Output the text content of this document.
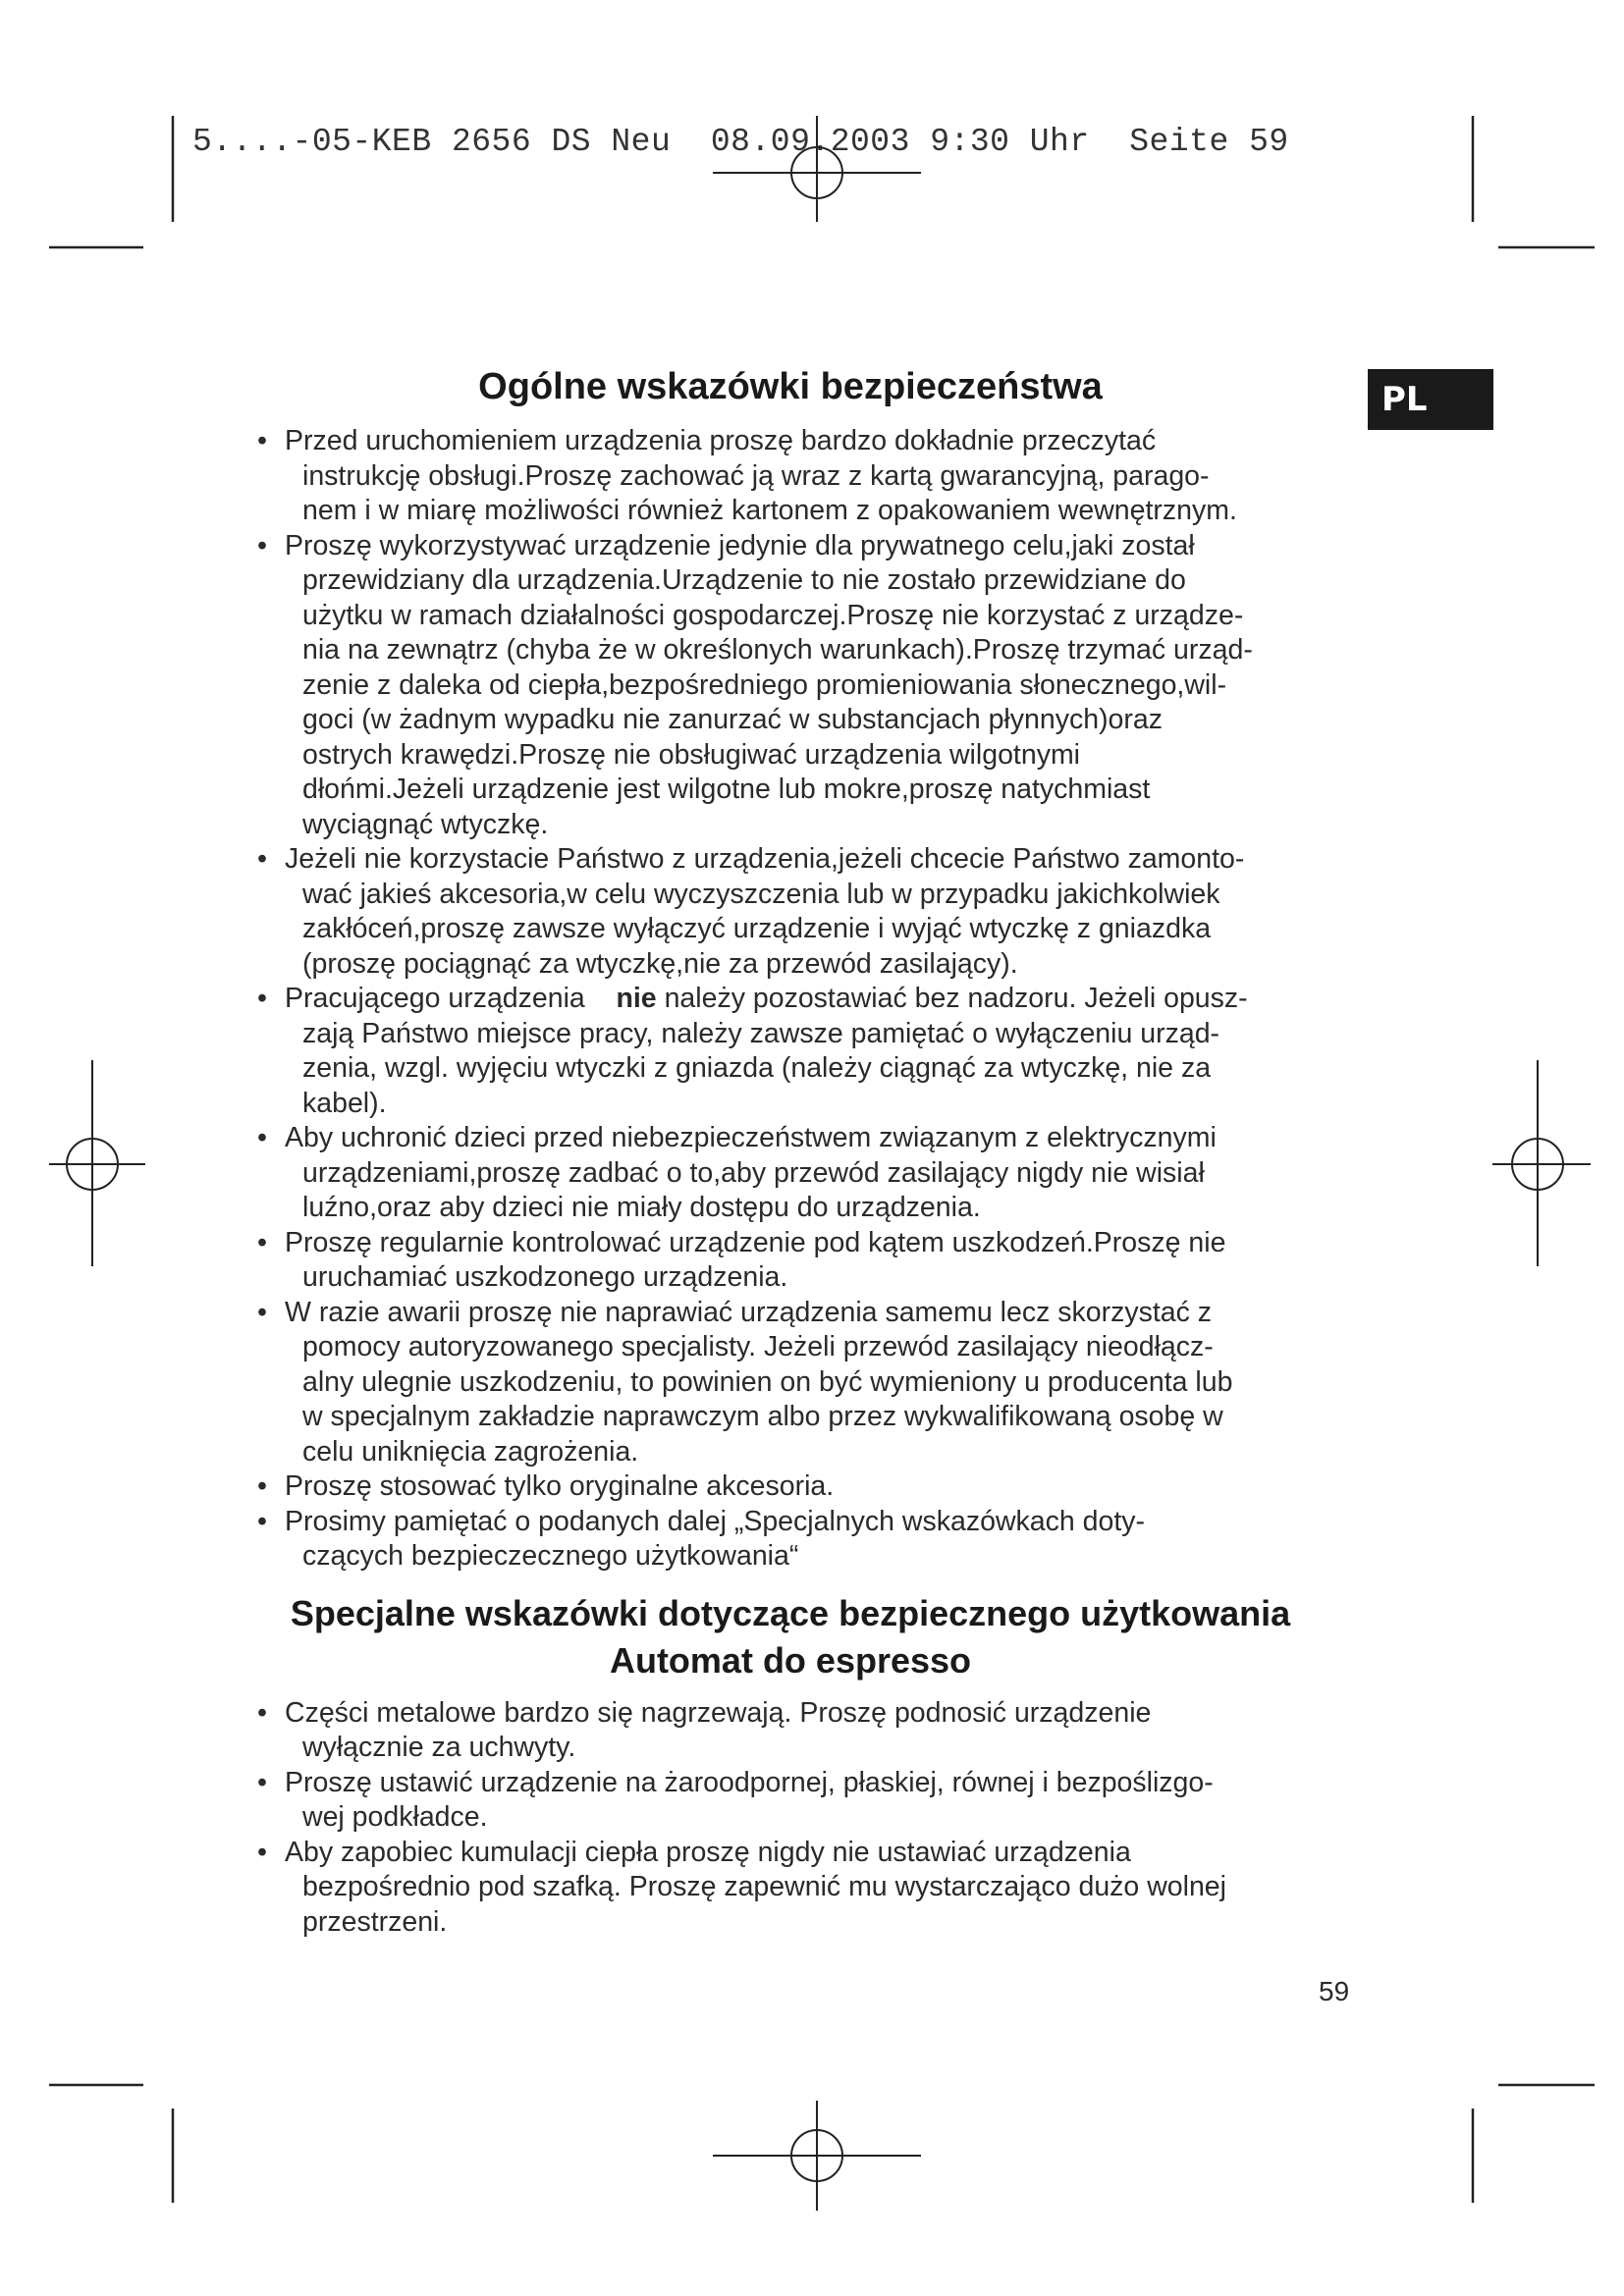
5....-05-KEB 2656 DS Neu  08.09.2003 9:30 Uhr  Seite 59
PL
Ogólne wskazówki bezpieczeństwa
• Przed uruchomieniem urządzenia proszę bardzo dokładnie przeczytać
instrukcję obsługi.Proszę zachować ją wraz z kartą gwarancyjną, parago-
nem i w miarę możliwości również kartonem z opakowaniem wewnętrznym.
• Proszę wykorzystywać urządzenie jedynie dla prywatnego celu,jaki został
przewidziany dla urządzenia.Urządzenie to nie zostało przewidziane do
użytku w ramach działalności gospodarczej.Proszę nie korzystać z urządze-
nia na zewnątrz (chyba że w określonych warunkach).Proszę trzymać urząd-
zenie z daleka od ciepła,bezpośredniego promieniowania słonecznego,wil-
goci (w żadnym wypadku nie zanurzać w substancjach płynnych)oraz
ostrych krawędzi.Proszę nie obsługiwać urządzenia wilgotnymi
dłońmi.Jeżeli urządzenie jest wilgotne lub mokre,proszę natychmiast
wyciągnąć wtyczkę.
• Jeżeli nie korzystacie Państwo z urządzenia,jeżeli chcecie Państwo zamonto-
wać jakieś akcesoria,w celu wyczyszczenia lub w przypadku jakichkolwiek
zakłóceń,proszę zawsze wyłączyć urządzenie i wyjąć wtyczkę z gniazdka
(proszę pociągnąć za wtyczkę,nie za przewód zasilający).
• Pracującego urządzenia nie należy pozostawiać bez nadzoru. Jeżeli opusz-
zają Państwo miejsce pracy, należy zawsze pamiętać o wyłączeniu urząd-
zenia, wzgl. wyjęciu wtyczki z gniazda (należy ciągnąć za wtyczkę, nie za
kabel).
• Aby uchronić dzieci przed niebezpieczeństwem związanym z elektrycznymi
urządzeniami,proszę zadbać o to,aby przewód zasilający nigdy nie wisiał
luźno,oraz aby dzieci nie miały dostępu do urządzenia.
• Proszę regularnie kontrolować urządzenie pod kątem uszkodzeń.Proszę nie
uruchamiać uszkodzonego urządzenia.
• W razie awarii proszę nie naprawiać urządzenia samemu lecz skorzystać z
pomocy autoryzowanego specjalisty. Jeżeli przewód zasilający nieodłącz-
alny ulegnie uszkodzeniu, to powinien on być wymieniony u producenta lub
w specjalnym zakładzie naprawczym albo przez wykwalifikowaną osobę w
celu uniknięcia zagrożenia.
• Proszę stosować tylko oryginalne akcesoria.
• Prosimy pamiętać o podanych dalej „Specjalnych wskazówkach doty-
czących bezpieczecznego użytkowania“
Specjalne wskazówki dotyczące bezpiecznego użytkowania
Automat do espresso
• Części metalowe bardzo się nagrzewają. Proszę podnosić urządzenie
wyłącznie za uchwyty.
• Proszę ustawić urządzenie na żaroodpornej, płaskiej, równej i bezpoślizgo-
wej podkładce.
• Aby zapobiec kumulacji ciepła proszę nigdy nie ustawiać urządzenia
bezpośrednio pod szafką. Proszę zapewnić mu wystarczająco dużo wolnej
przestrzeni.
59
